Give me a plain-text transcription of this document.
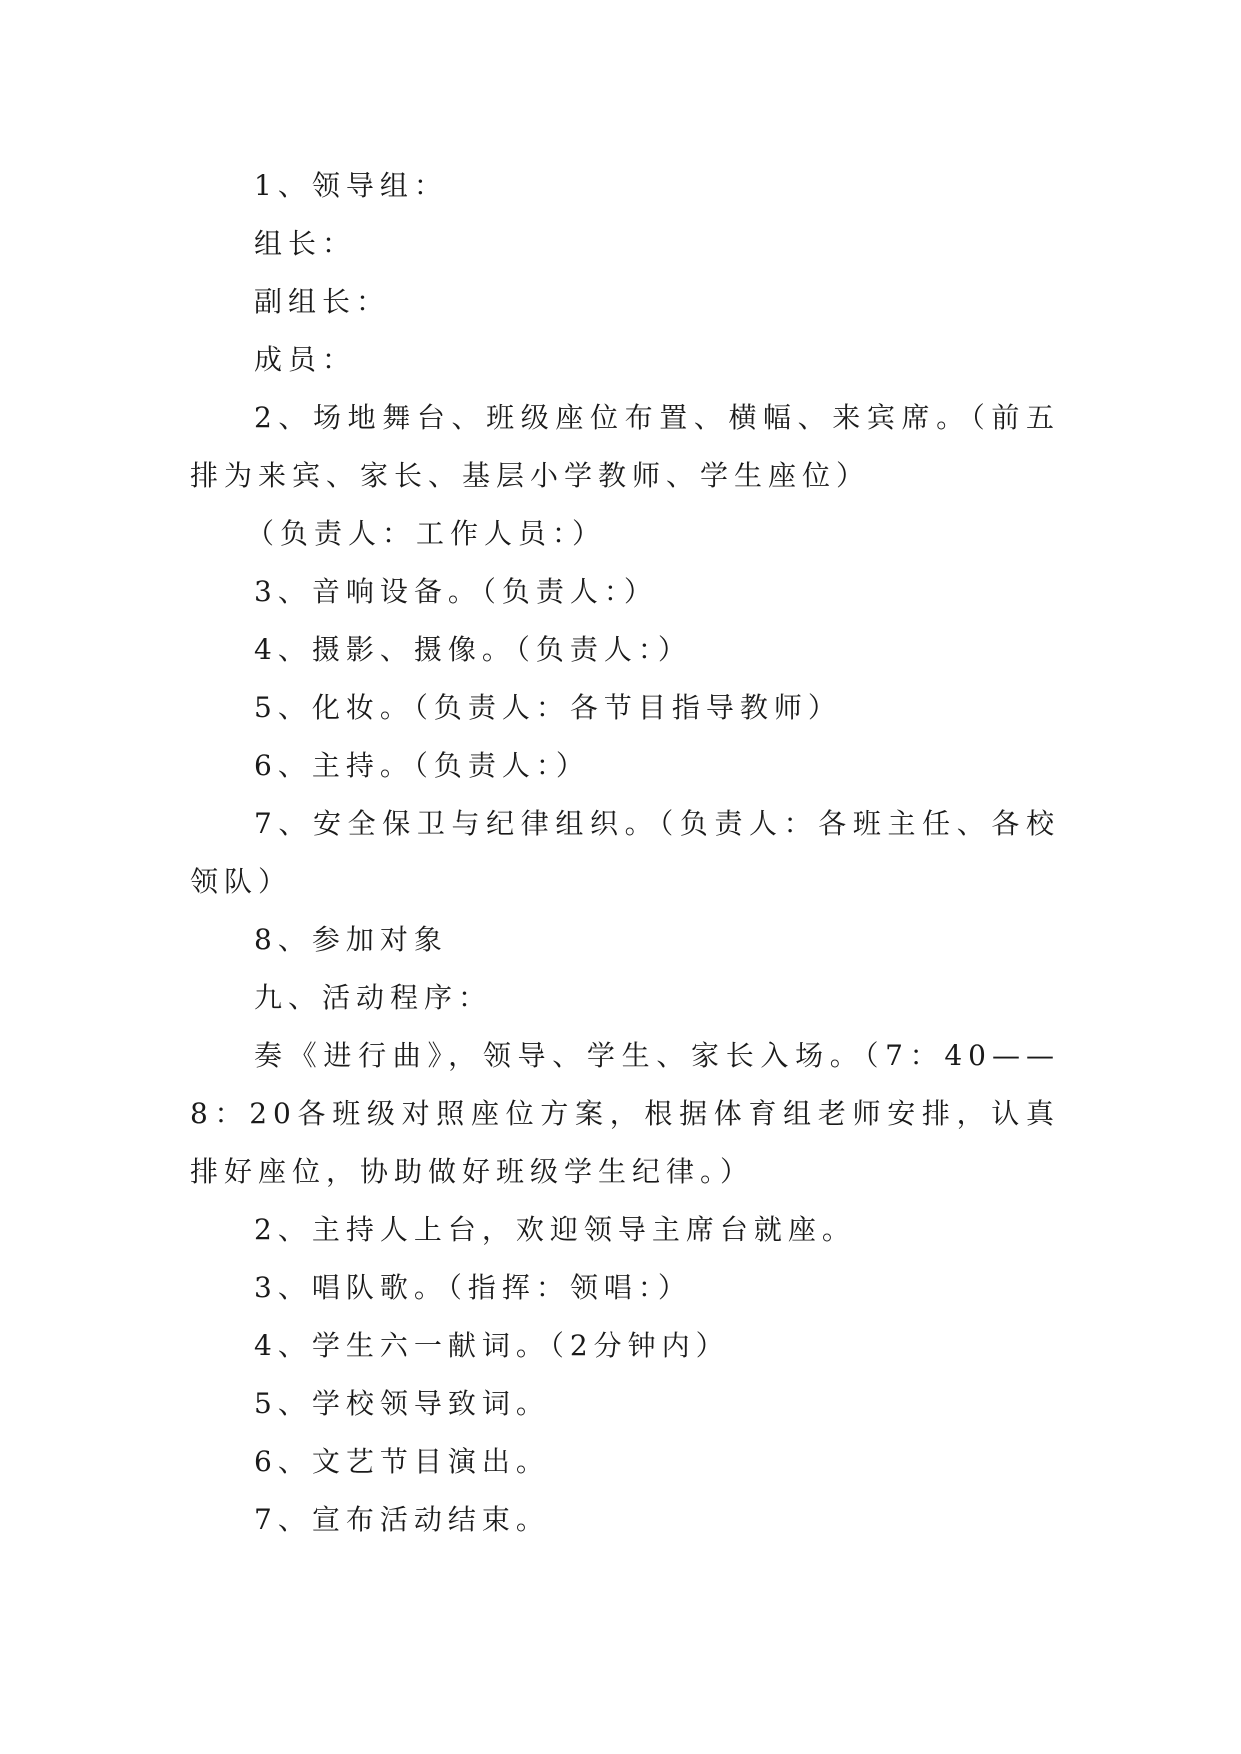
1、领导组：

组长：

副组长：

成员：

2、场地舞台、班级座位布置、横幅、来宾席。（前五排为来宾、家长、基层小学教师、学生座位）

（负责人：工作人员：）

3、音响设备。（负责人：）

4、摄影、摄像。（负责人：）

5、化妆。（负责人：各节目指导教师）

6、主持。（负责人：）

7、安全保卫与纪律组织。（负责人：各班主任、各校领队）

8、参加对象

九、活动程序：

奏《进行曲》，领导、学生、家长入场。（7：40——8：20各班级对照座位方案，根据体育组老师安排，认真排好座位，协助做好班级学生纪律。）

2、主持人上台，欢迎领导主席台就座。

3、唱队歌。（指挥：领唱：）

4、学生六一献词。（2分钟内）

5、学校领导致词。

6、文艺节目演出。

7、宣布活动结束。
